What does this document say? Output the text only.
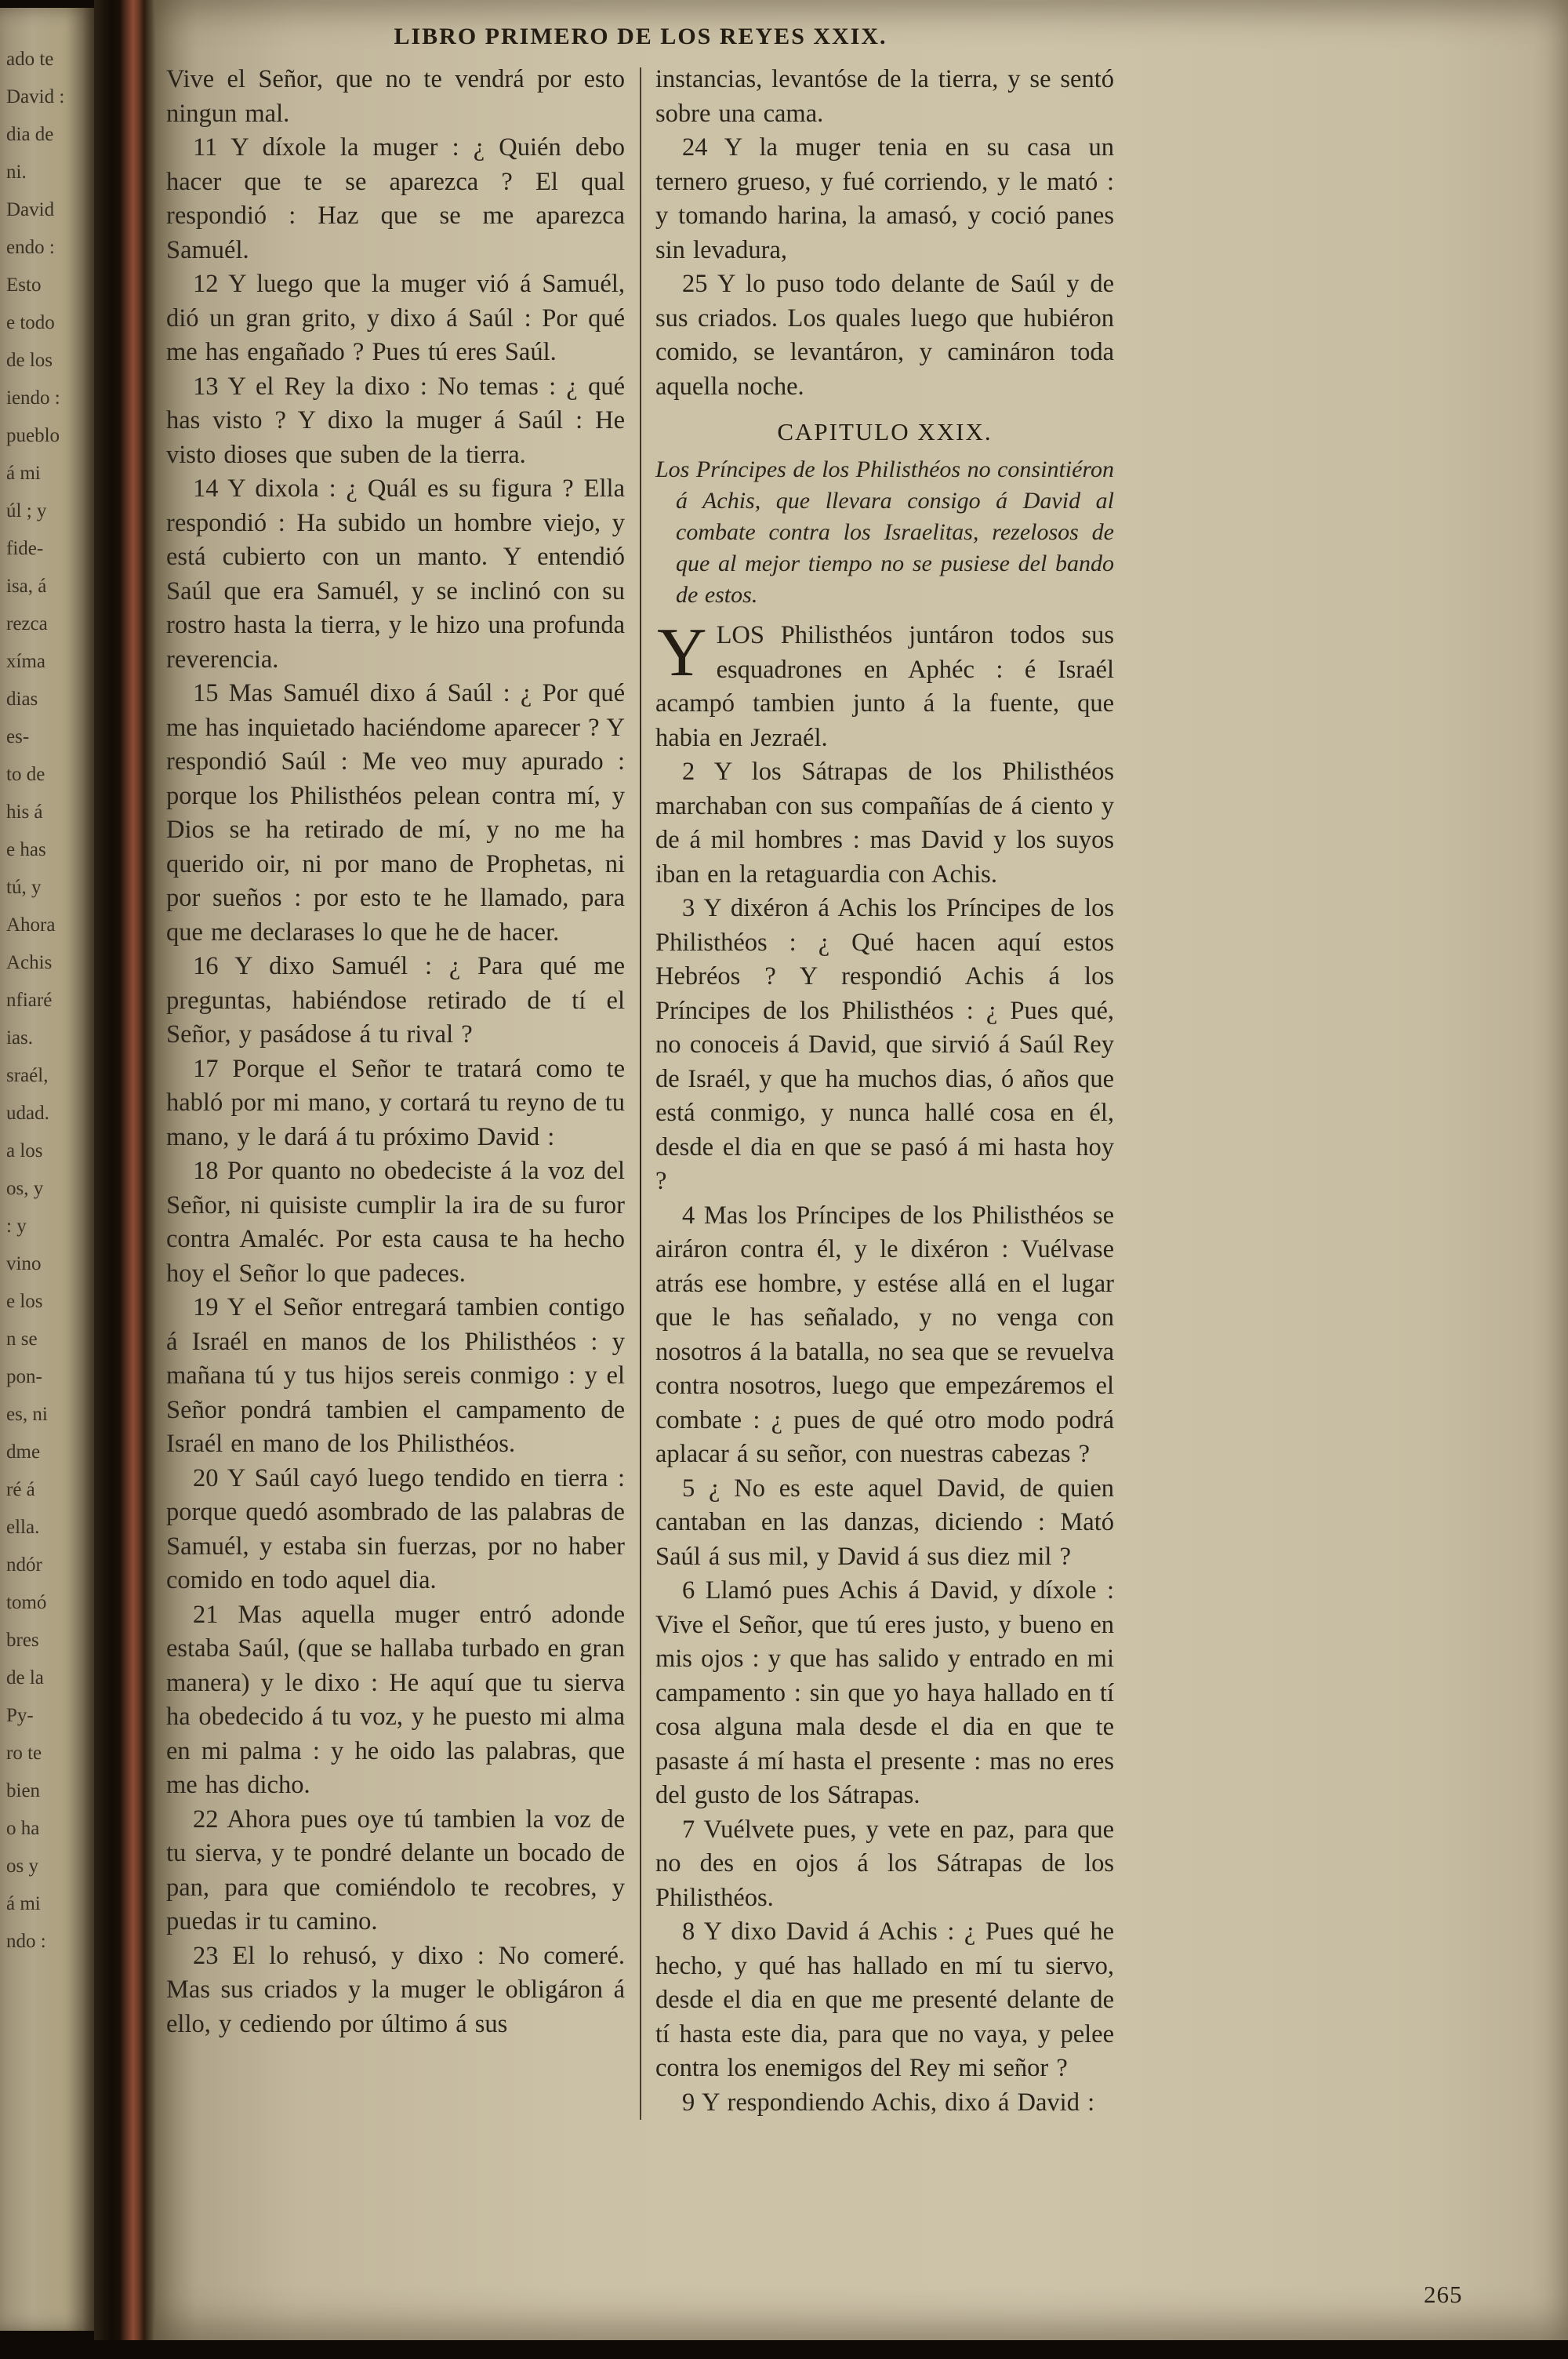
ado te
David :
dia de
ni.
David
endo :
Esto
e todo
de los
iendo :
pueblo
á mi
úl ; y
fide-
isa, á
rezca
xíma
dias
es-
to de
his á
e has
tú, y
Ahora
Achis
nfiaré
ias.
sraél,
udad.
a los
os, y
: y
vino
e los
n se
pon-
es, ni
dme
ré á
ella.
ndór
tomó
bres
de la
Py-
ro te
bien
o ha
os y
á mi
ndo :
LIBRO PRIMERO DE LOS REYES XXIX.

Vive el Señor, que no te vendrá por esto ningun mal.

11 Y díxole la muger : ¿ Quién debo hacer que te se aparezca ? El qual respondió : Haz que se me aparezca Samuél.

12 Y luego que la muger vió á Samuél, dió un gran grito, y dixo á Saúl : Por qué me has engañado ? Pues tú eres Saúl.

13 Y el Rey la dixo : No temas : ¿ qué has visto ? Y dixo la muger á Saúl : He visto dioses que suben de la tierra.

14 Y dixola : ¿ Quál es su figura ? Ella respondió : Ha subido un hombre viejo, y está cubierto con un manto. Y entendió Saúl que era Samuél, y se inclinó con su rostro hasta la tierra, y le hizo una profunda reverencia.

15 Mas Samuél dixo á Saúl : ¿ Por qué me has inquietado haciéndome aparecer ? Y respondió Saúl : Me veo muy apurado : porque los Philisthéos pelean contra mí, y Dios se ha retirado de mí, y no me ha querido oir, ni por mano de Prophetas, ni por sueños : por esto te he llamado, para que me declarases lo que he de hacer.

16 Y dixo Samuél : ¿ Para qué me preguntas, habiéndose retirado de tí el Señor, y pasádose á tu rival ?

17 Porque el Señor te tratará como te habló por mi mano, y cortará tu reyno de tu mano, y le dará á tu próximo David :

18 Por quanto no obedeciste á la voz del Señor, ni quisiste cumplir la ira de su furor contra Amaléc. Por esta causa te ha hecho hoy el Señor lo que padeces.

19 Y el Señor entregará tambien contigo á Israél en manos de los Philisthéos : y mañana tú y tus hijos sereis conmigo : y el Señor pondrá tambien el campamento de Israél en mano de los Philisthéos.

20 Y Saúl cayó luego tendido en tierra : porque quedó asombrado de las palabras de Samuél, y estaba sin fuerzas, por no haber comido en todo aquel dia.

21 Mas aquella muger entró adonde estaba Saúl, (que se hallaba turbado en gran manera) y le dixo : He aquí que tu sierva ha obedecido á tu voz, y he puesto mi alma en mi palma : y he oido las palabras, que me has dicho.

22 Ahora pues oye tú tambien la voz de tu sierva, y te pondré delante un bocado de pan, para que comiéndolo te recobres, y puedas ir tu camino.

23 El lo rehusó, y dixo : No comeré. Mas sus criados y la muger le obligáron á ello, y cediendo por último á sus

instancias, levantóse de la tierra, y se sentó sobre una cama.

24 Y la muger tenia en su casa un ternero grueso, y fué corriendo, y le mató : y tomando harina, la amasó, y coció panes sin levadura,

25 Y lo puso todo delante de Saúl y de sus criados. Los quales luego que hubiéron comido, se levantáron, y camináron toda aquella noche.

CAPITULO XXIX.

Los Príncipes de los Philisthéos no consintiéron á Achis, que llevara consigo á David al combate contra los Israelitas, rezelosos de que al mejor tiempo no se pusiese del bando de estos.

YLOS Philisthéos juntáron todos sus esquadrones en Aphéc : é Israél acampó tambien junto á la fuente, que habia en Jezraél.

2 Y los Sátrapas de los Philisthéos marchaban con sus compañías de á ciento y de á mil hombres : mas David y los suyos iban en la retaguardia con Achis.

3 Y dixéron á Achis los Príncipes de los Philisthéos : ¿ Qué hacen aquí estos Hebréos ? Y respondió Achis á los Príncipes de los Philisthéos : ¿ Pues qué, no conoceis á David, que sirvió á Saúl Rey de Israél, y que ha muchos dias, ó años que está conmigo, y nunca hallé cosa en él, desde el dia en que se pasó á mi hasta hoy ?

4 Mas los Príncipes de los Philisthéos se airáron contra él, y le dixéron : Vuélvase atrás ese hombre, y estése allá en el lugar que le has señalado, y no venga con nosotros á la batalla, no sea que se revuelva contra nosotros, luego que empezáremos el combate : ¿ pues de qué otro modo podrá aplacar á su señor, con nuestras cabezas ?

5 ¿ No es este aquel David, de quien cantaban en las danzas, diciendo : Mató Saúl á sus mil, y David á sus diez mil ?

6 Llamó pues Achis á David, y díxole : Vive el Señor, que tú eres justo, y bueno en mis ojos : y que has salido y entrado en mi campamento : sin que yo haya hallado en tí cosa alguna mala desde el dia en que te pasaste á mí hasta el presente : mas no eres del gusto de los Sátrapas.

7 Vuélvete pues, y vete en paz, para que no des en ojos á los Sátrapas de los Philisthéos.

8 Y dixo David á Achis : ¿ Pues qué he hecho, y qué has hallado en mí tu siervo, desde el dia en que me presenté delante de tí hasta este dia, para que no vaya, y pelee contra los enemigos del Rey mi señor ?

9 Y respondiendo Achis, dixo á David :

265
